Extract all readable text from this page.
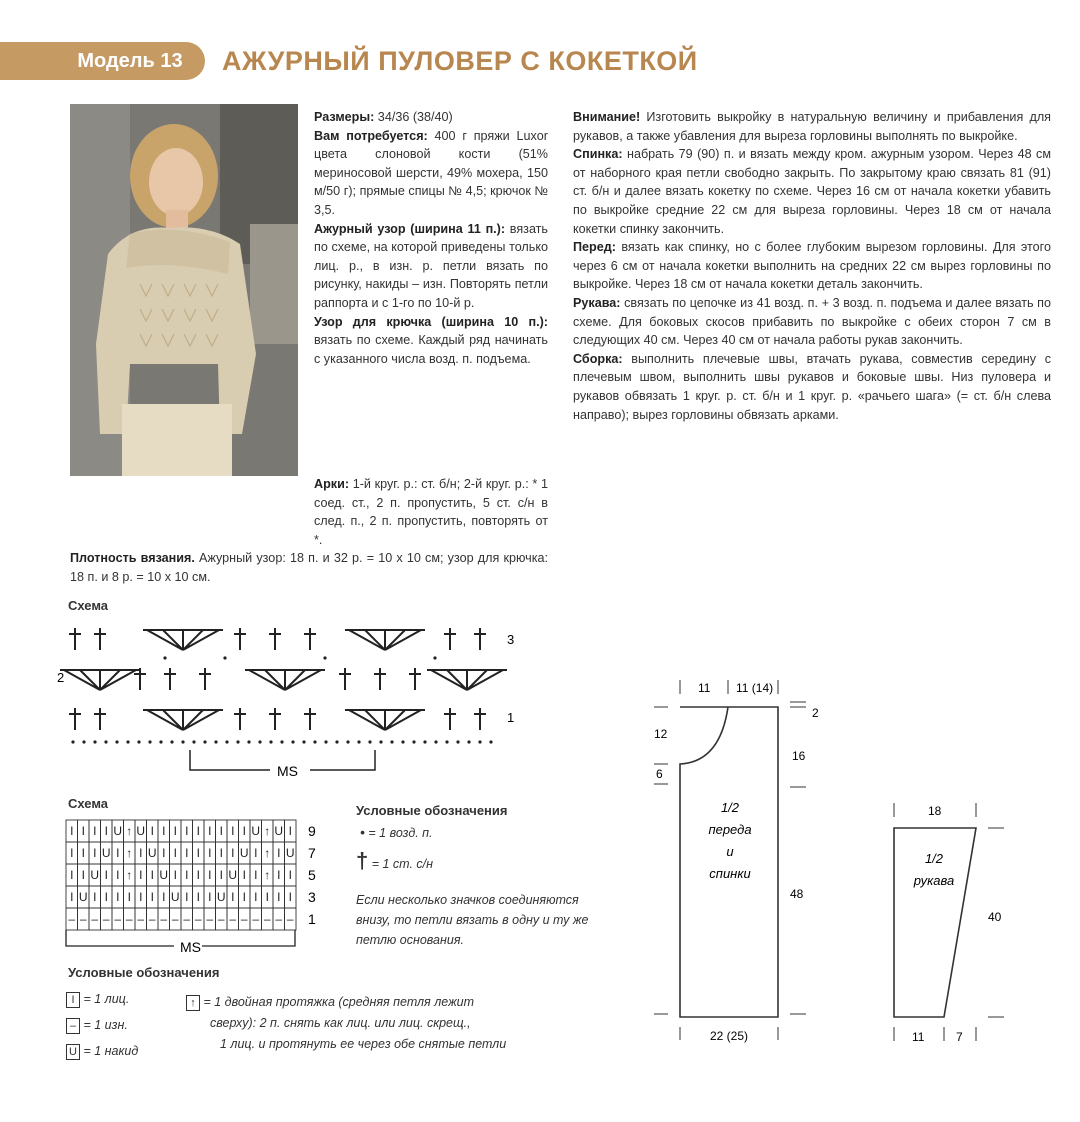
Модель 13	АЖУРНЫЙ ПУЛОВЕР С КОКЕТКОЙ

Размеры: 34/36 (38/40)

Вам потребуется: 400 г пряжи Luxor цвета слоновой кости (51% мериносовой шерсти, 49% мохера, 150 м/50 г); прямые спицы № 4,5; крючок № 3,5.

Ажурный узор (ширина 11 п.): вязать по схеме, на которой приведены только лиц. р., в изн. р. петли вязать по рисунку, накиды – изн. Повторять петли раппорта и с 1-го по 10-й р.

Узор для крючка (ширина 10 п.): вязать по схеме. Каждый ряд начинать с указанного числа возд. п. подъема.

Арки: 1-й круг. р.: ст. б/н; 2-й круг. р.: * 1 соед. ст., 2 п. пропустить, 5 ст. с/н в след. п., 2 п. пропустить, повторять от *.

Плотность вязания. Ажурный узор: 18 п. и 32 р. = 10 х 10 см; узор для крючка: 18 п. и 8 р. = 10 х 10 см.

Внимание! Изготовить выкройку в натуральную величину и прибавления для рукавов, а также убавления для выреза горловины выполнять по выкройке.

Спинка: набрать 79 (90) п. и вязать между кром. ажурным узором. Через 48 см от наборного края петли свободно закрыть. По закрытому краю связать 81 (91) ст. б/н и далее вязать кокетку по схеме. Через 16 см от начала кокетки убавить по выкройке средние 22 см для выреза горловины. Через 18 см от начала кокетки спинку закончить.

Перед: вязать как спинку, но с более глубоким вырезом горловины. Для этого через 6 см от начала кокетки выполнить на средних 22 см вырез горловины по выкройке. Через 18 см от начала кокетки деталь закончить.

Рукава: связать по цепочке из 41 возд. п. + 3 возд. п. подъема и далее вязать по схеме. Для боковых скосов прибавить по выкройке с обеих сторон 7 см в следующих 40 см. Через 40 см от начала работы рукав закончить.

Сборка: выполнить плечевые швы, втачать рукава, совместив середину с плечевым швом, выполнить швы рукавов и боковые швы. Низ пуловера и рукавов обвязать 1 круг. р. ст. б/н и 1 круг. р. «рачьего шага» (= ст. б/н слева направо); вырез горловины обвязать арками.

Схема
3
2
1
MS
Схема
I I I I U ↑ U I I I I I I I I I U ↑ U I
I I I U I ↑ I U I I I I I I I U I ↑ I U
I I U I I ↑ I I U I I I I I U I I ↑ I I
I U I I I I I I I U I I I U I I I I I I
– – – – – – – – – – – – – – – – – – – –
9
7
5
3
1
MS
Условные обозначения
• = 1 возд. п.
† = 1 ст. с/н
Если несколько значков соединяются внизу, то петли вязать в одну и ту же петлю основания.
Условные обозначения
I = 1 лиц.
– = 1 изн.
U = 1 накид
↑ = 1 двойная протяжка (средняя петля лежит
сверху): 2 п. снять как лиц. или лиц. скрещ.,
1 лиц. и протянуть ее через обе снятые петли
11 11 (14)
12
6
2
16
48
22 (25)
1/2
переда
и
спинки
18
40
11	7
1/2
рукава
